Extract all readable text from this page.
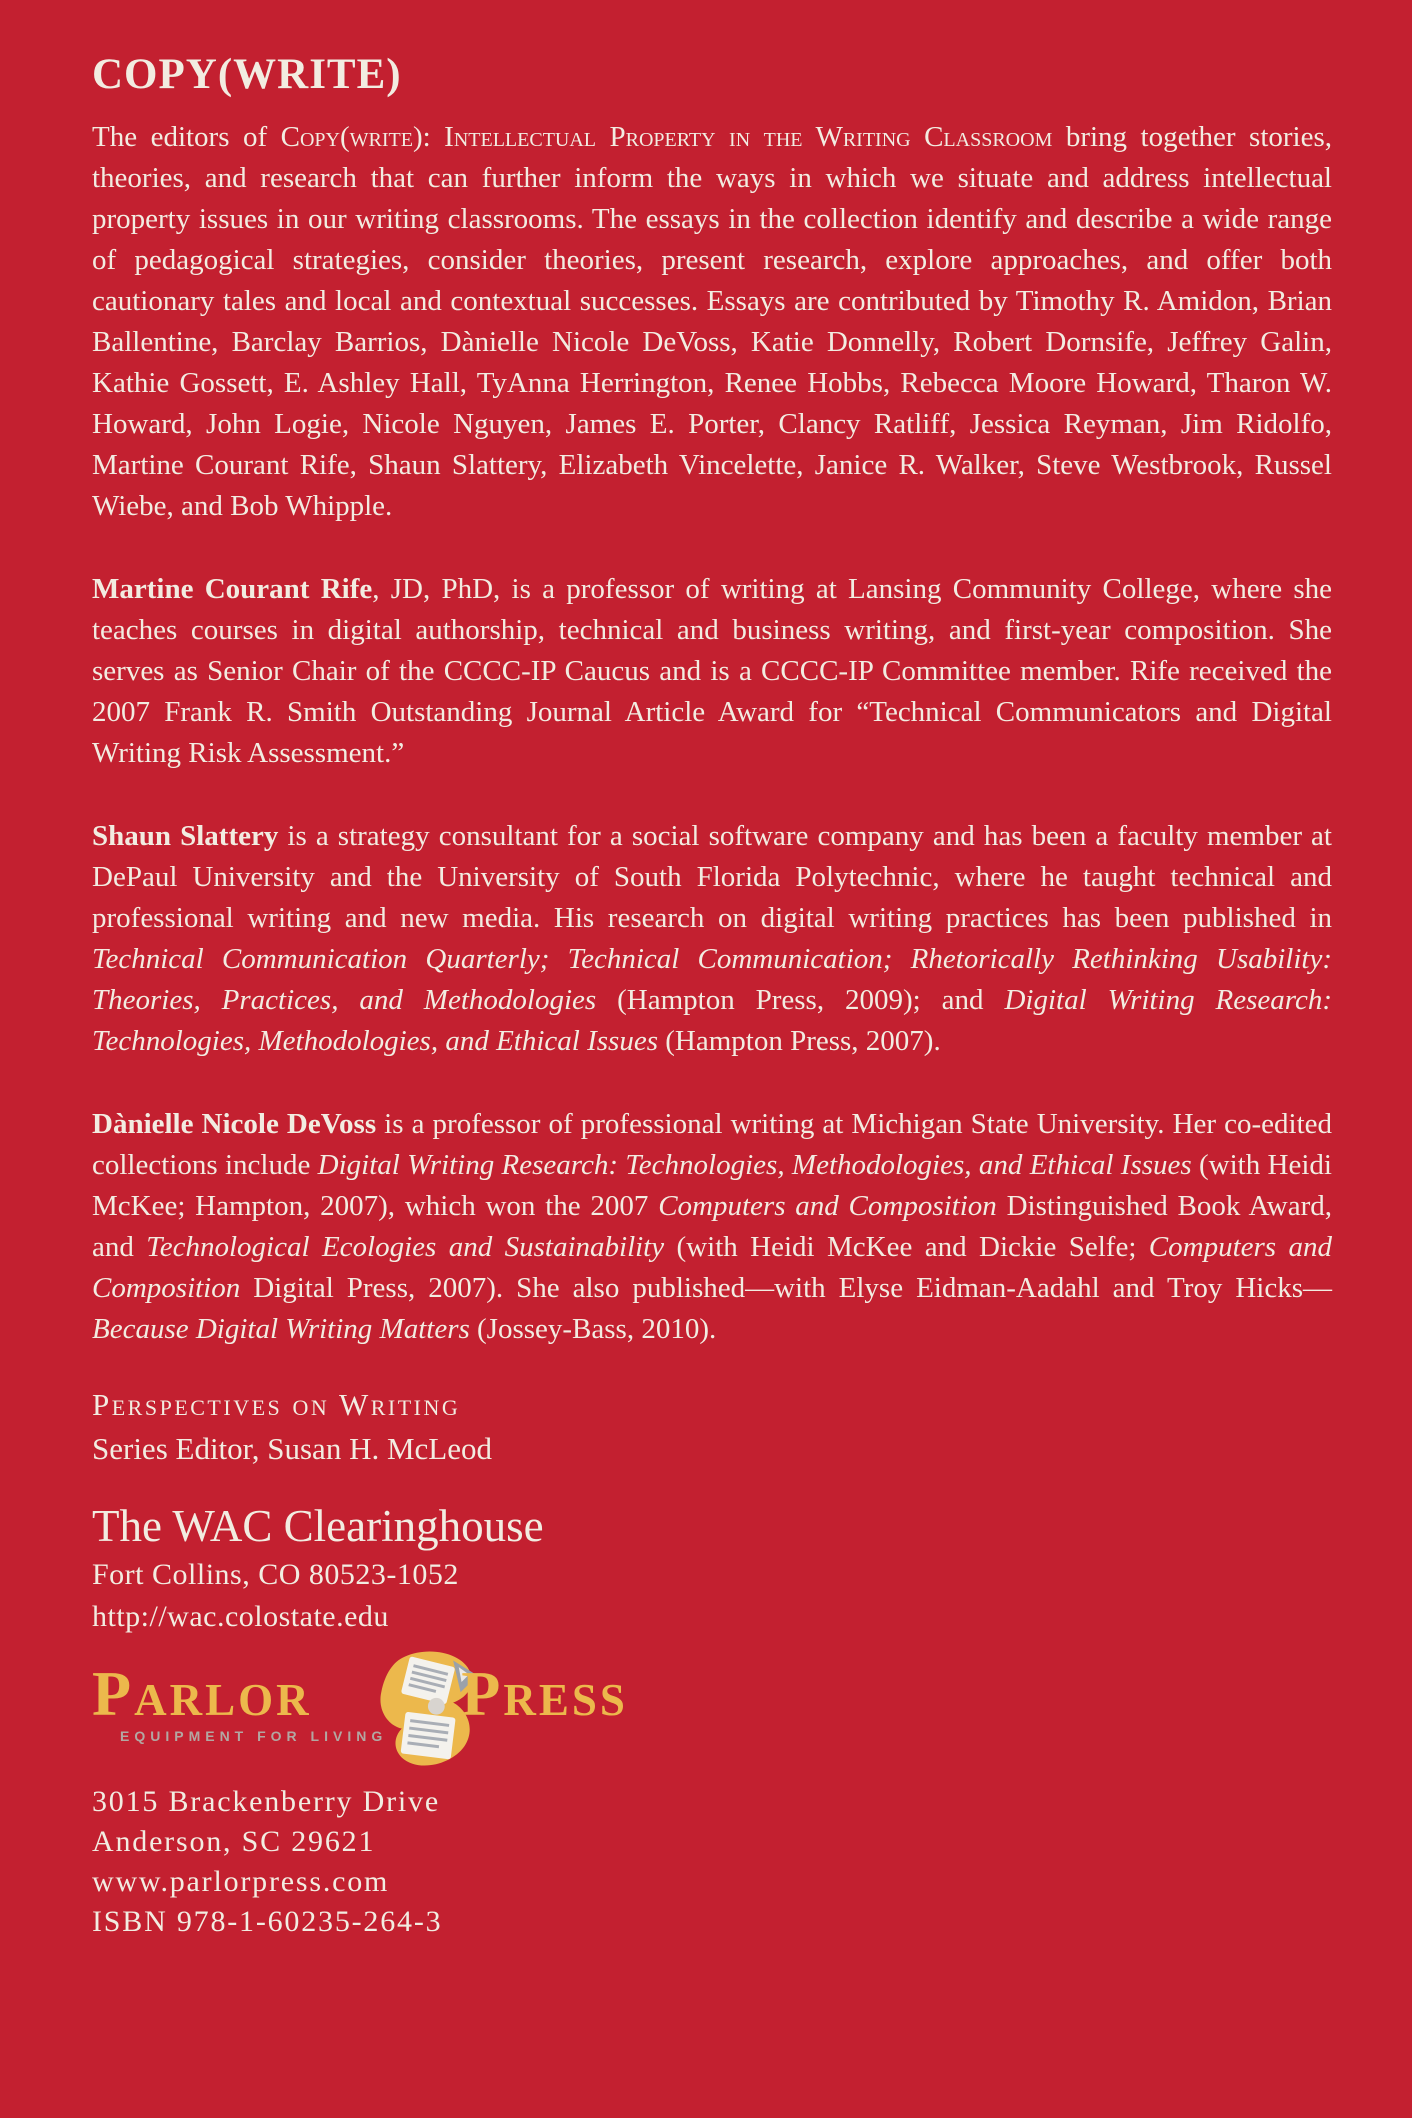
COPY(WRITE)

The editors of Copy(write): Intellectual Property in the Writing Classroom bring together stories, theories, and research that can further inform the ways in which we situate and address intellectual property issues in our writing classrooms. The essays in the collection identify and describe a wide range of pedagogical strategies, consider theories, present research, explore approaches, and offer both cautionary tales and local and contextual successes. Essays are contributed by Timothy R. Amidon, Brian Ballentine, Barclay Barrios, Dànielle Nicole DeVoss, Katie Donnelly, Robert Dornsife, Jeffrey Galin, Kathie Gossett, E. Ashley Hall, TyAnna Herrington, Renee Hobbs, Rebecca Moore Howard, Tharon W. Howard, John Logie, Nicole Nguyen, James E. Porter, Clancy Ratliff, Jessica Reyman, Jim Ridolfo, Martine Courant Rife, Shaun Slattery, Elizabeth Vincelette, Janice R. Walker, Steve Westbrook, Russel Wiebe, and Bob Whipple.

Martine Courant Rife, JD, PhD, is a professor of writing at Lansing Community College, where she teaches courses in digital authorship, technical and business writing, and first-year composition. She serves as Senior Chair of the CCCC-IP Caucus and is a CCCC-IP Committee member. Rife received the 2007 Frank R. Smith Outstanding Journal Article Award for “Technical Communicators and Digital Writing Risk Assessment.”

Shaun Slattery is a strategy consultant for a social software company and has been a faculty member at DePaul University and the University of South Florida Polytechnic, where he taught technical and professional writing and new media. His research on digital writing practices has been published in Technical Communication Quarterly; Technical Communication; Rhetorically Rethinking Usability: Theories, Practices, and Methodologies (Hampton Press, 2009); and Digital Writing Research: Technologies, Methodologies, and Ethical Issues (Hampton Press, 2007).

Dànielle Nicole DeVoss is a professor of professional writing at Michigan State University. Her co-edited collections include Digital Writing Research: Technologies, Methodologies, and Ethical Issues (with Heidi McKee; Hampton, 2007), which won the 2007 Computers and Composition Distinguished Book Award, and Technological Ecologies and Sustainability (with Heidi McKee and Dickie Selfe; Computers and Composition Digital Press, 2007). She also published—with Elyse Eidman-Aadahl and Troy Hicks—Because Digital Writing Matters (Jossey-Bass, 2010).

Perspectives on Writing
Series Editor, Susan H. McLeod
The WAC Clearinghouse
Fort Collins, CO 80523-1052
http://wac.colostate.edu
Parlor
EQUIPMENT FOR LIVING
Press
3015 Brackenberry Drive
Anderson, SC 29621
www.parlorpress.com
ISBN 978-1-60235-264-3
